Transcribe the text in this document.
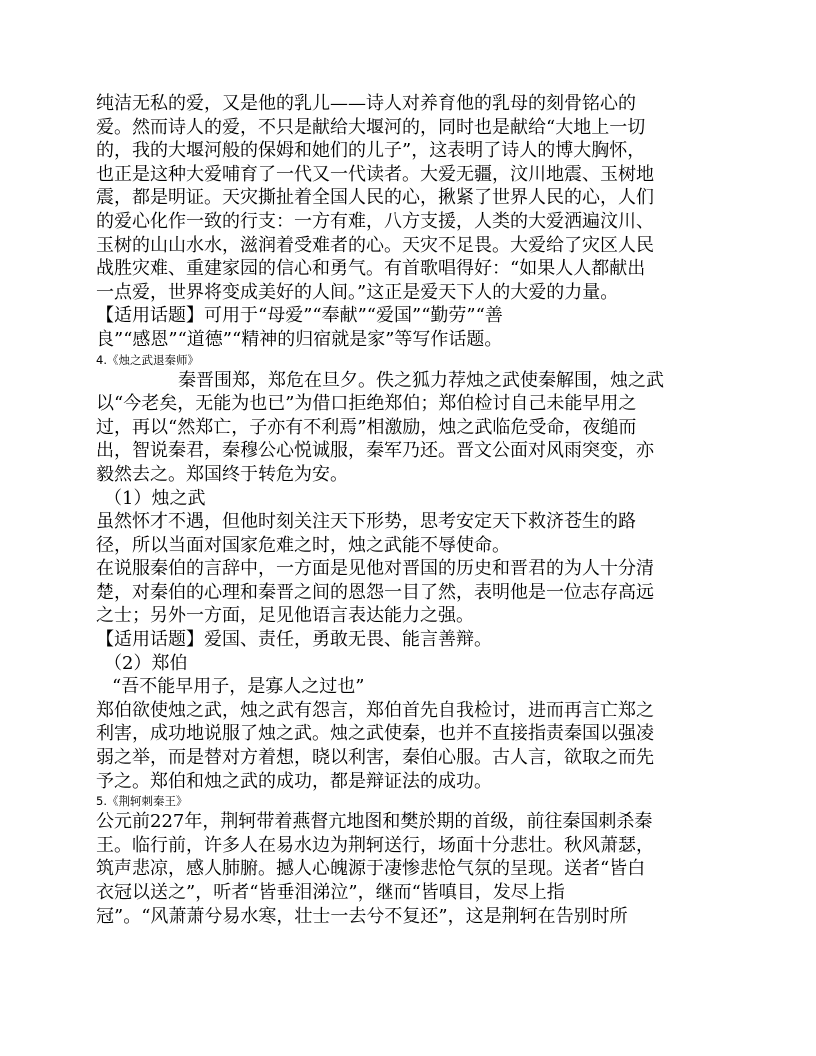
纯洁无私的爱，又是他的乳儿——诗人对养育他的乳母的刻骨铭心的
爱。然而诗人的爱，不只是献给大堰河的，同时也是献给“大地上一切
的，我的大堰河般的保姆和她们的儿子”，这表明了诗人的博大胸怀，
也正是这种大爱哺育了一代又一代读者。大爱无疆，汶川地震、玉树地
震，都是明证。天灾撕扯着全国人民的心，揪紧了世界人民的心，人们
的爱心化作一致的行支：一方有难，八方支援，人类的大爱洒遍汶川、
玉树的山山水水，滋润着受难者的心。天灾不足畏。大爱给了灾区人民
战胜灾难、重建家园的信心和勇气。有首歌唱得好：“如果人人都献出
一点爱，世界将变成美好的人间。”这正是爱天下人的大爱的力量。
【适用话题】可用于“母爱”“奉献”“爱国”“勤劳”“善
良”“感恩”“道德”“精神的归宿就是家”等写作话题。
4.《烛之武退秦师》
秦晋围郑，郑危在旦夕。佚之狐力荐烛之武使秦解围，烛之武
以“今老矣，无能为也已”为借口拒绝郑伯；郑伯检讨自己未能早用之
过，再以“然郑亡，子亦有不利焉”相激励，烛之武临危受命，夜缒而
出，智说秦君，秦穆公心悦诚服，秦军乃还。晋文公面对风雨突变，亦
毅然去之。郑国终于转危为安。
（1）烛之武
虽然怀才不遇，但他时刻关注天下形势，思考安定天下救济苍生的路
径，所以当面对国家危难之时，烛之武能不辱使命。
在说服秦伯的言辞中，一方面是见他对晋国的历史和晋君的为人十分清
楚，对秦伯的心理和秦晋之间的恩怨一目了然，表明他是一位志存高远
之士；另外一方面，足见他语言表达能力之强。
【适用话题】爱国、责任，勇敢无畏、能言善辩。
（2）郑伯
“吾不能早用子，是寡人之过也”
郑伯欲使烛之武，烛之武有怨言，郑伯首先自我检讨，进而再言亡郑之
利害，成功地说服了烛之武。烛之武使秦，也并不直接指责秦国以强凌
弱之举，而是替对方着想，晓以利害，秦伯心服。古人言，欲取之而先
予之。郑伯和烛之武的成功，都是辩证法的成功。
5.《荆轲刺秦王》
公元前227年，荆轲带着燕督亢地图和樊於期的首级，前往秦国刺杀秦
王。临行前，许多人在易水边为荆轲送行，场面十分悲壮。秋风萧瑟，
筑声悲凉，感人肺腑。撼人心魄源于凄惨悲怆气氛的呈现。送者“皆白
衣冠以送之”，听者“皆垂泪涕泣”，继而“皆嗔目，发尽上指
冠”。“风萧萧兮易水寒，壮士一去兮不复还”，这是荆轲在告别时所
